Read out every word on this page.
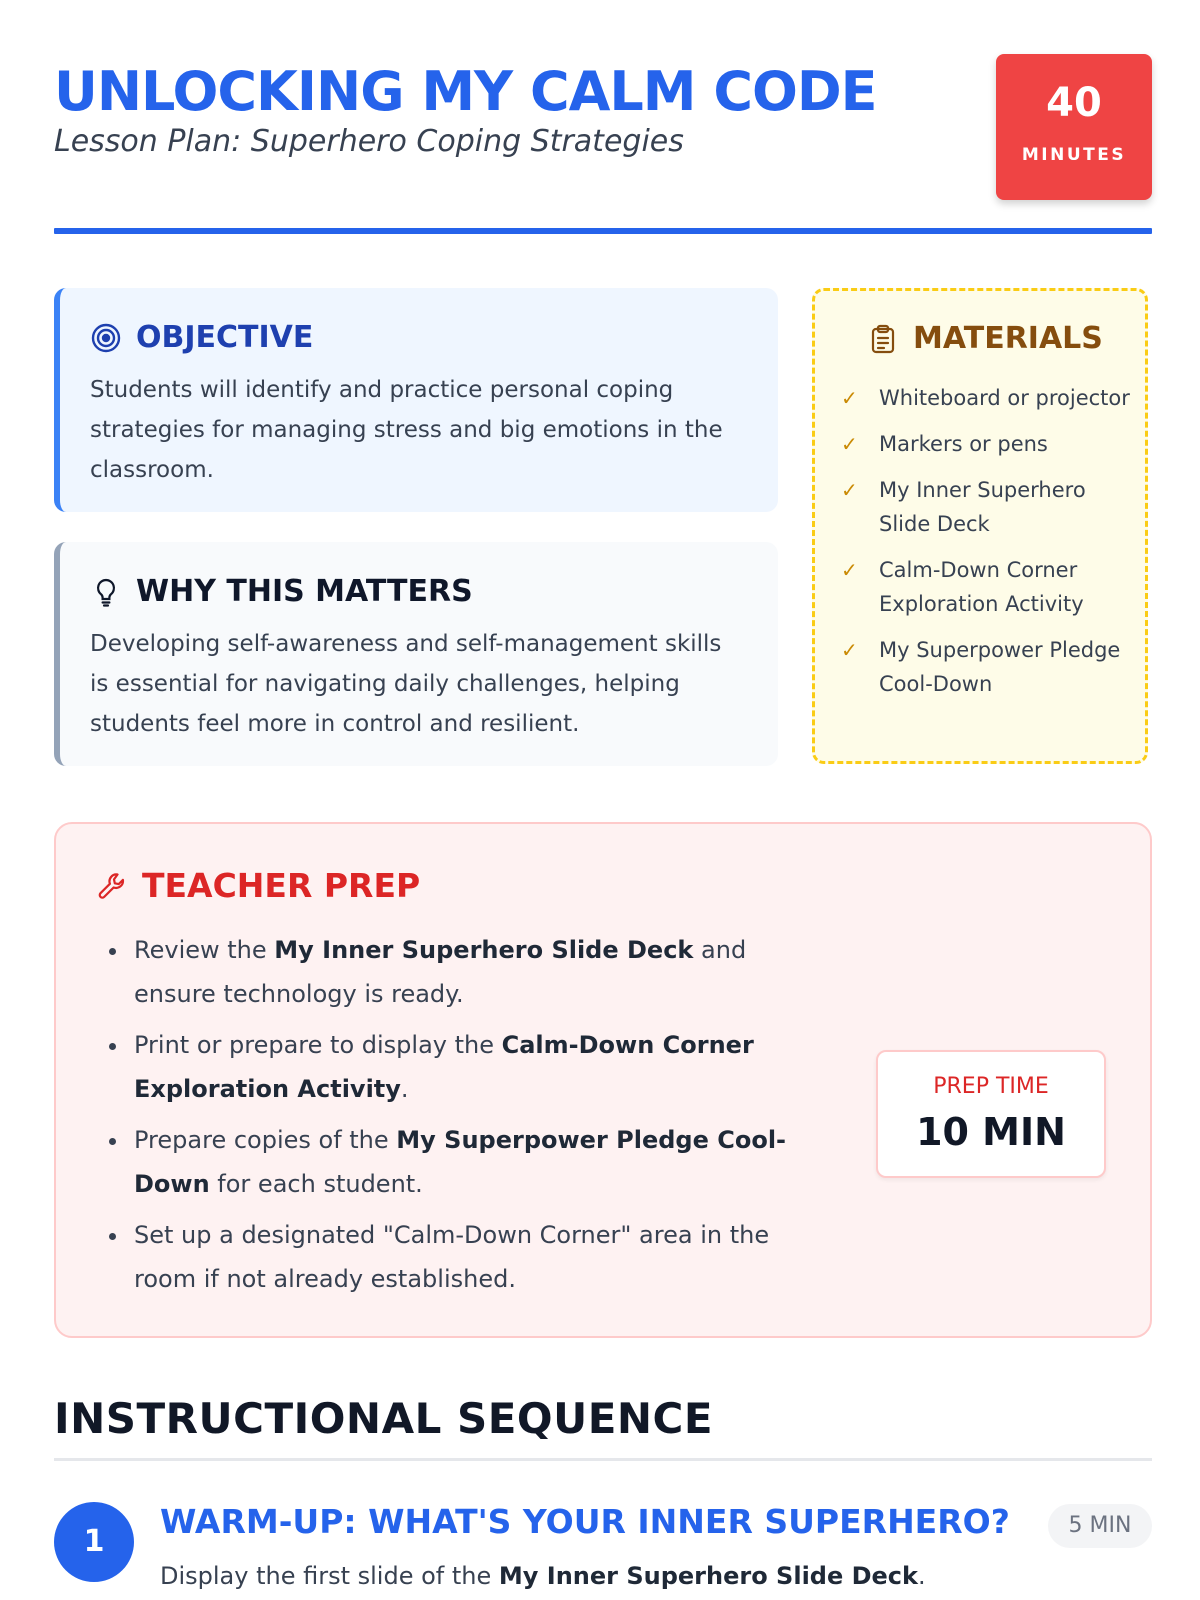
UNLOCKING MY CALM CODE

Lesson Plan: Superhero Coping Strategies

40
MINUTES
OBJECTIVE

Students will identify and practice personal coping strategies for managing stress and big emotions in the classroom.

WHY THIS MATTERS

Developing self-awareness and self-management skills is essential for navigating daily challenges, helping students feel more in control and resilient.

MATERIALS
✓	Whiteboard or projector
✓	Markers or pens
✓	My Inner Superhero Slide Deck
✓	Calm-Down Corner Exploration Activity
✓	My Superpower Pledge Cool-Down
TEACHER PREP
• Review the My Inner Superhero Slide Deck and ensure technology is ready.
• Print or prepare to display the Calm-Down Corner Exploration Activity.
• Prepare copies of the My Superpower Pledge Cool-Down for each student.
• Set up a designated "Calm-Down Corner" area in the room if not already established.
PREP TIME
10 MIN
INSTRUCTIONAL SEQUENCE
1
WARM-UP: WHAT'S YOUR INNER SUPERHERO?	5 MIN

Display the first slide of the My Inner Superhero Slide Deck.
